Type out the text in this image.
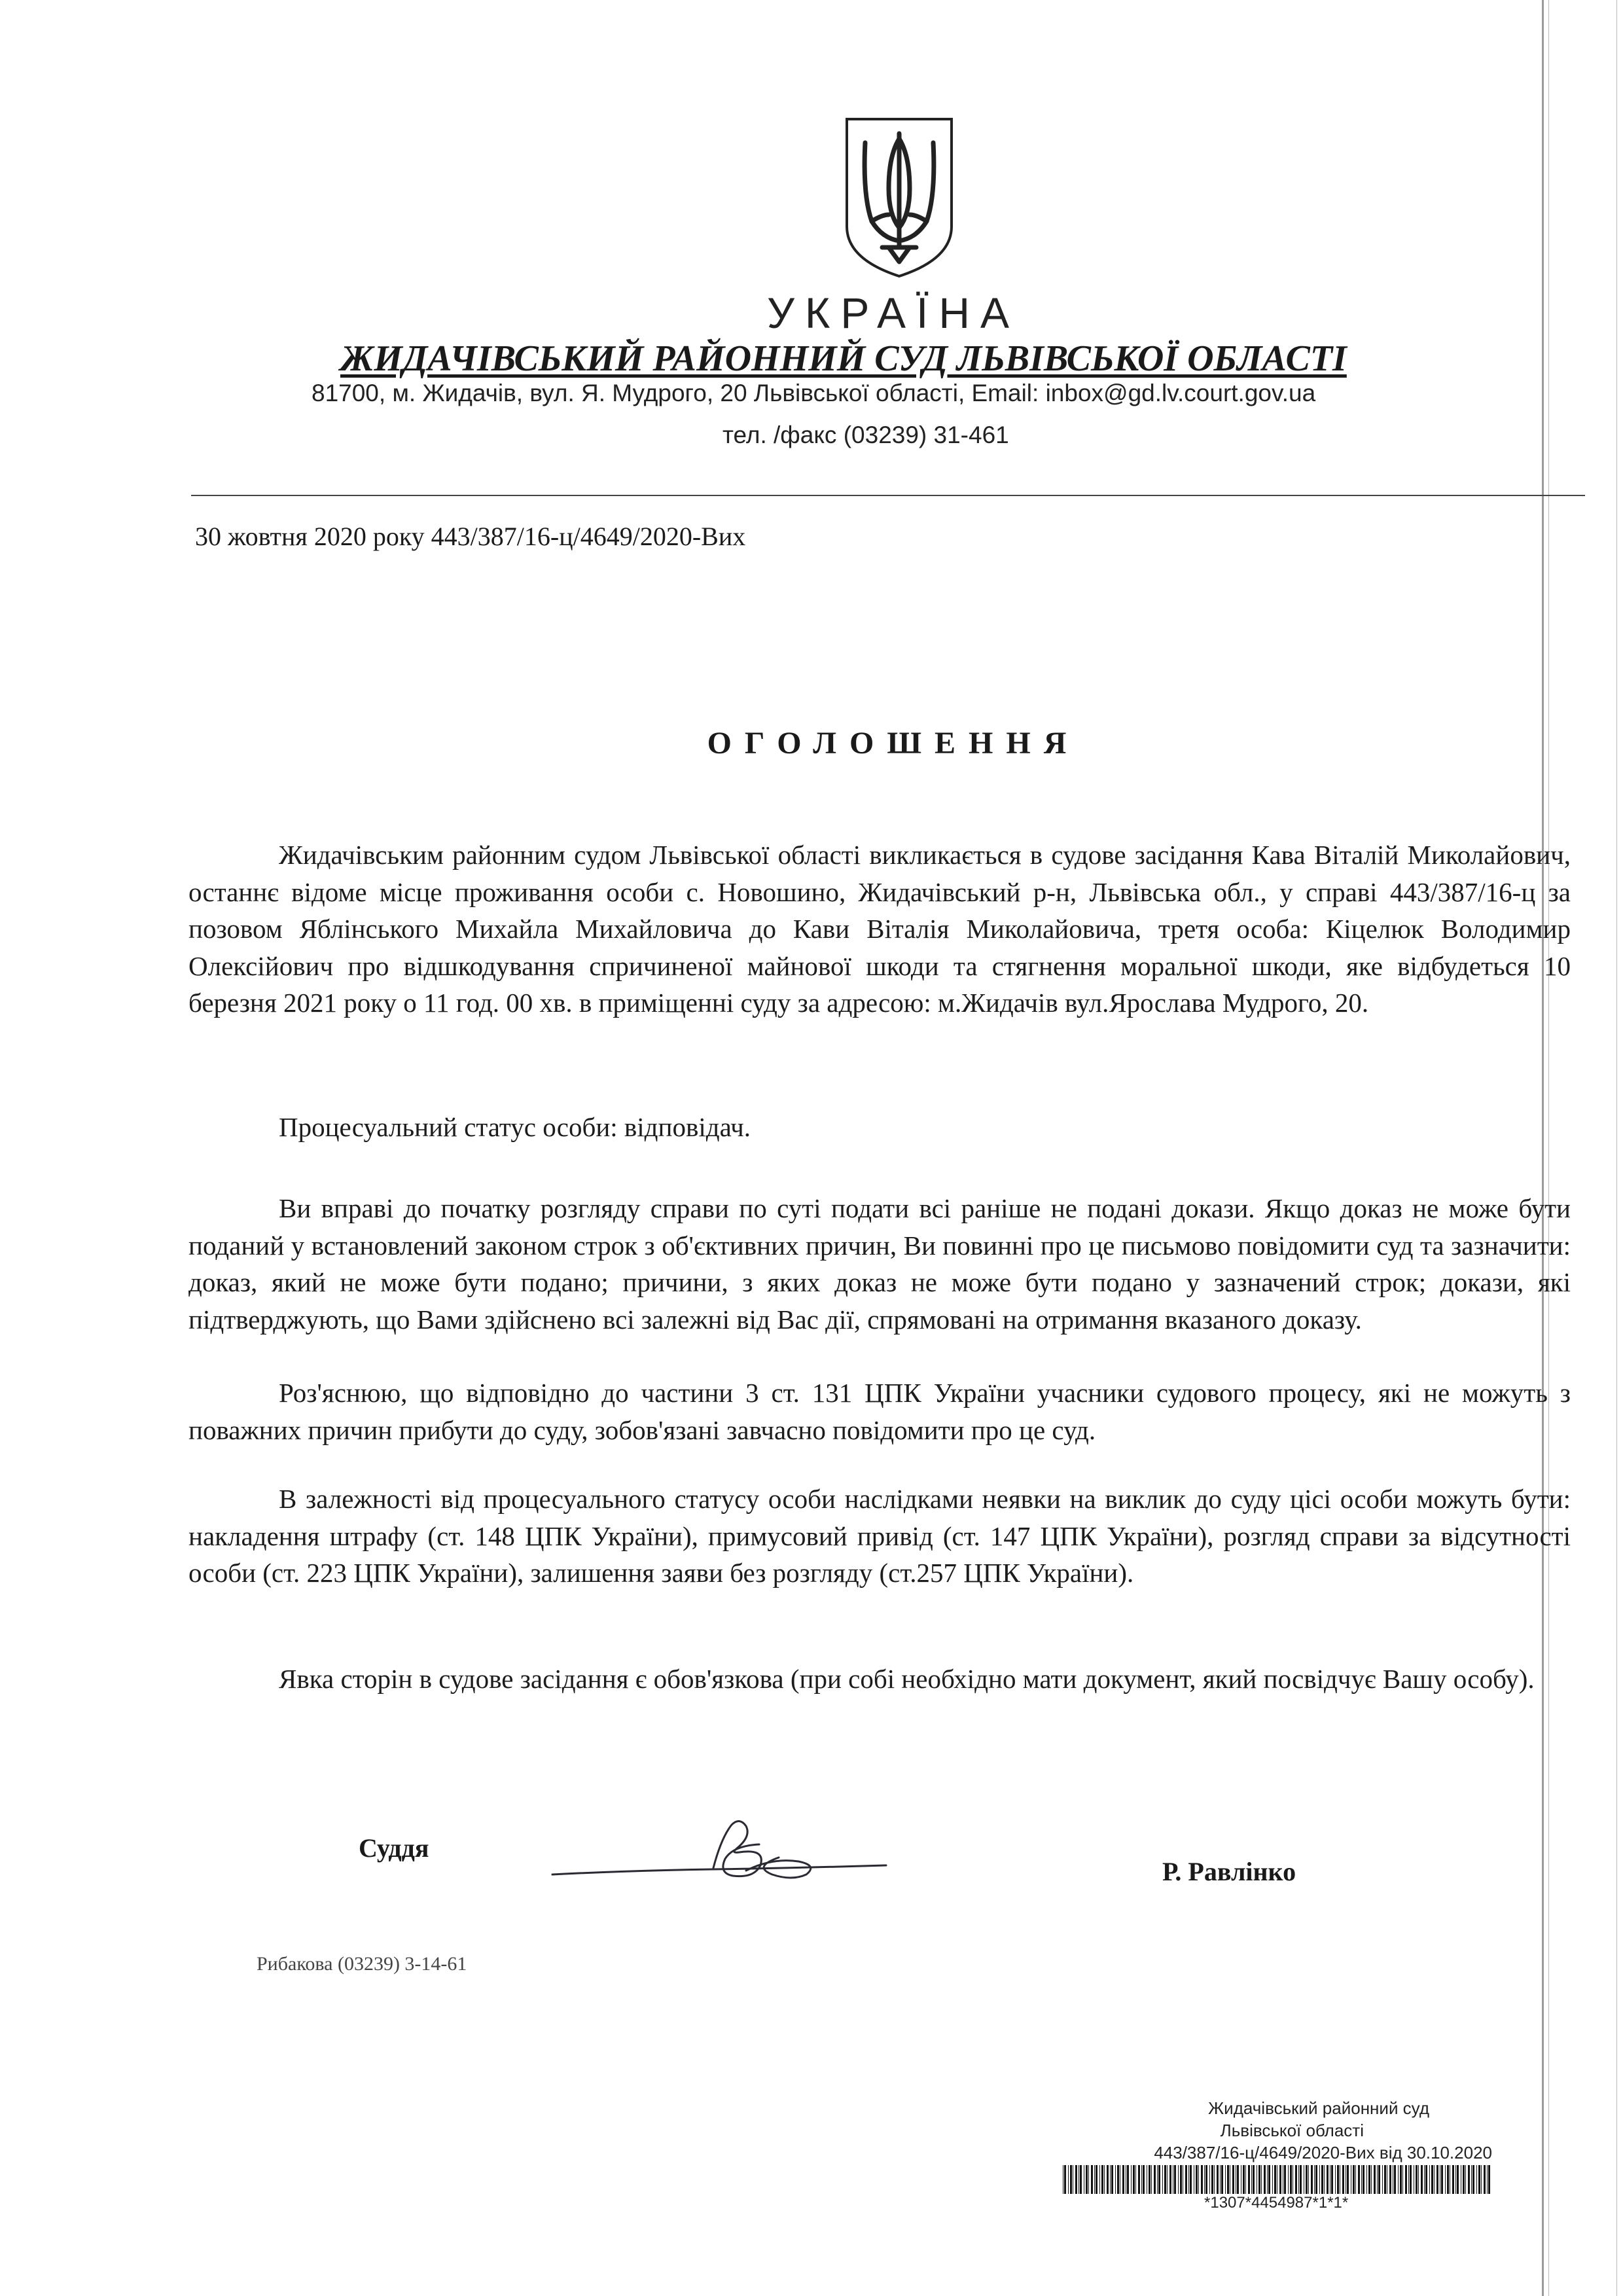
УКРАЇНА
ЖИДАЧІВСЬКИЙ РАЙОННИЙ СУД ЛЬВІВСЬКОЇ ОБЛАСТІ
81700, м. Жидачів, вул. Я. Мудрого, 20 Львівської області, Email: inbox@gd.lv.court.gov.ua
тел. /факс (03239) 31-461
30 жовтня 2020 року 443/387/16-ц/4649/2020-Вих
ОГОЛОШЕННЯ
Жидачівським районним судом Львівської області викликається в судове засідання Кава Віталій Миколайович, останнє відоме місце проживання особи с. Новошино, Жидачівський р-н, Львівська обл., у справі 443/387/16-ц за позовом Яблінського Михайла Михайловича до Кави Віталія Миколайовича, третя особа: Кіцелюк Володимир Олексійович про відшкодування спричиненої майнової шкоди та стягнення моральної шкоди, яке відбудеться 10 березня 2021 року о 11 год. 00 хв. в приміщенні суду за адресою: м.Жидачів вул.Ярослава Мудрого, 20.
Процесуальний статус особи: відповідач.
Ви вправі до початку розгляду справи по суті подати всі раніше не подані докази. Якщо доказ не може бути поданий у встановлений законом строк з об'єктивних причин, Ви повинні про це письмово повідомити суд та зазначити: доказ, який не може бути подано; причини, з яких доказ не може бути подано у зазначений строк; докази, які підтверджують, що Вами здійснено всі залежні від Вас дії, спрямовані на отримання вказаного доказу.
Роз'яснюю, що відповідно до частини 3 ст. 131 ЦПК України учасники судового процесу, які не можуть з поважних причин прибути до суду, зобов'язані завчасно повідомити про це суд.
В залежності від процесуального статусу особи наслідками неявки на виклик до суду цісі особи можуть бути: накладення штрафу (ст. 148 ЦПК України), примусовий привід (ст. 147 ЦПК України), розгляд справи за відсутності особи (ст. 223 ЦПК України), залишення заяви без розгляду (ст.257 ЦПК України).
Явка сторін в судове засідання є обов'язкова (при собі необхідно мати документ, який посвідчує Вашу особу).
Суддя
Р. Равлінко
Рибакова (03239) 3-14-61
Жидачівський районний суд
Львівської області
443/387/16-ц/4649/2020-Вих від 30.10.2020
*1307*4454987*1*1*
